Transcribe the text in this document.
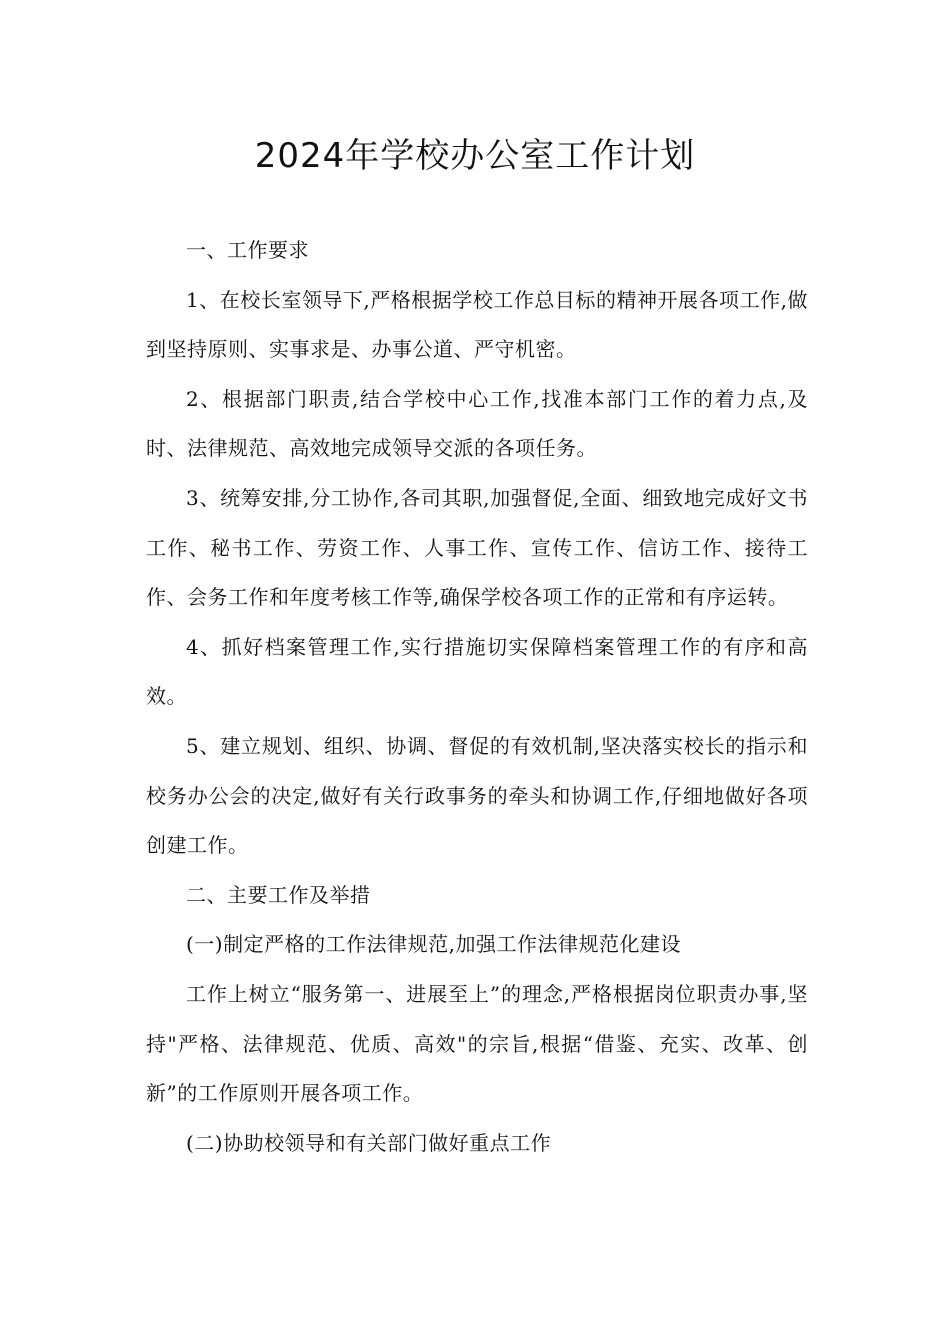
2024年学校办公室工作计划

一、工作要求

1、在校长室领导下,严格根据学校工作总目标的精神开展各项工作,做到坚持原则、实事求是、办事公道、严守机密。

2、根据部门职责,结合学校中心工作,找准本部门工作的着力点,及时、法律规范、高效地完成领导交派的各项任务。

3、统筹安排,分工协作,各司其职,加强督促,全面、细致地完成好文书工作、秘书工作、劳资工作、人事工作、宣传工作、信访工作、接待工作、会务工作和年度考核工作等,确保学校各项工作的正常和有序运转。

4、抓好档案管理工作,实行措施切实保障档案管理工作的有序和高效。

5、建立规划、组织、协调、督促的有效机制,坚决落实校长的指示和校务办公会的决定,做好有关行政事务的牵头和协调工作,仔细地做好各项创建工作。

二、主要工作及举措

(一)制定严格的工作法律规范,加强工作法律规范化建设

工作上树立“服务第一、进展至上”的理念,严格根据岗位职责办事,坚持"严格、法律规范、优质、高效"的宗旨,根据“借鉴、充实、改革、创新”的工作原则开展各项工作。

(二)协助校领导和有关部门做好重点工作
